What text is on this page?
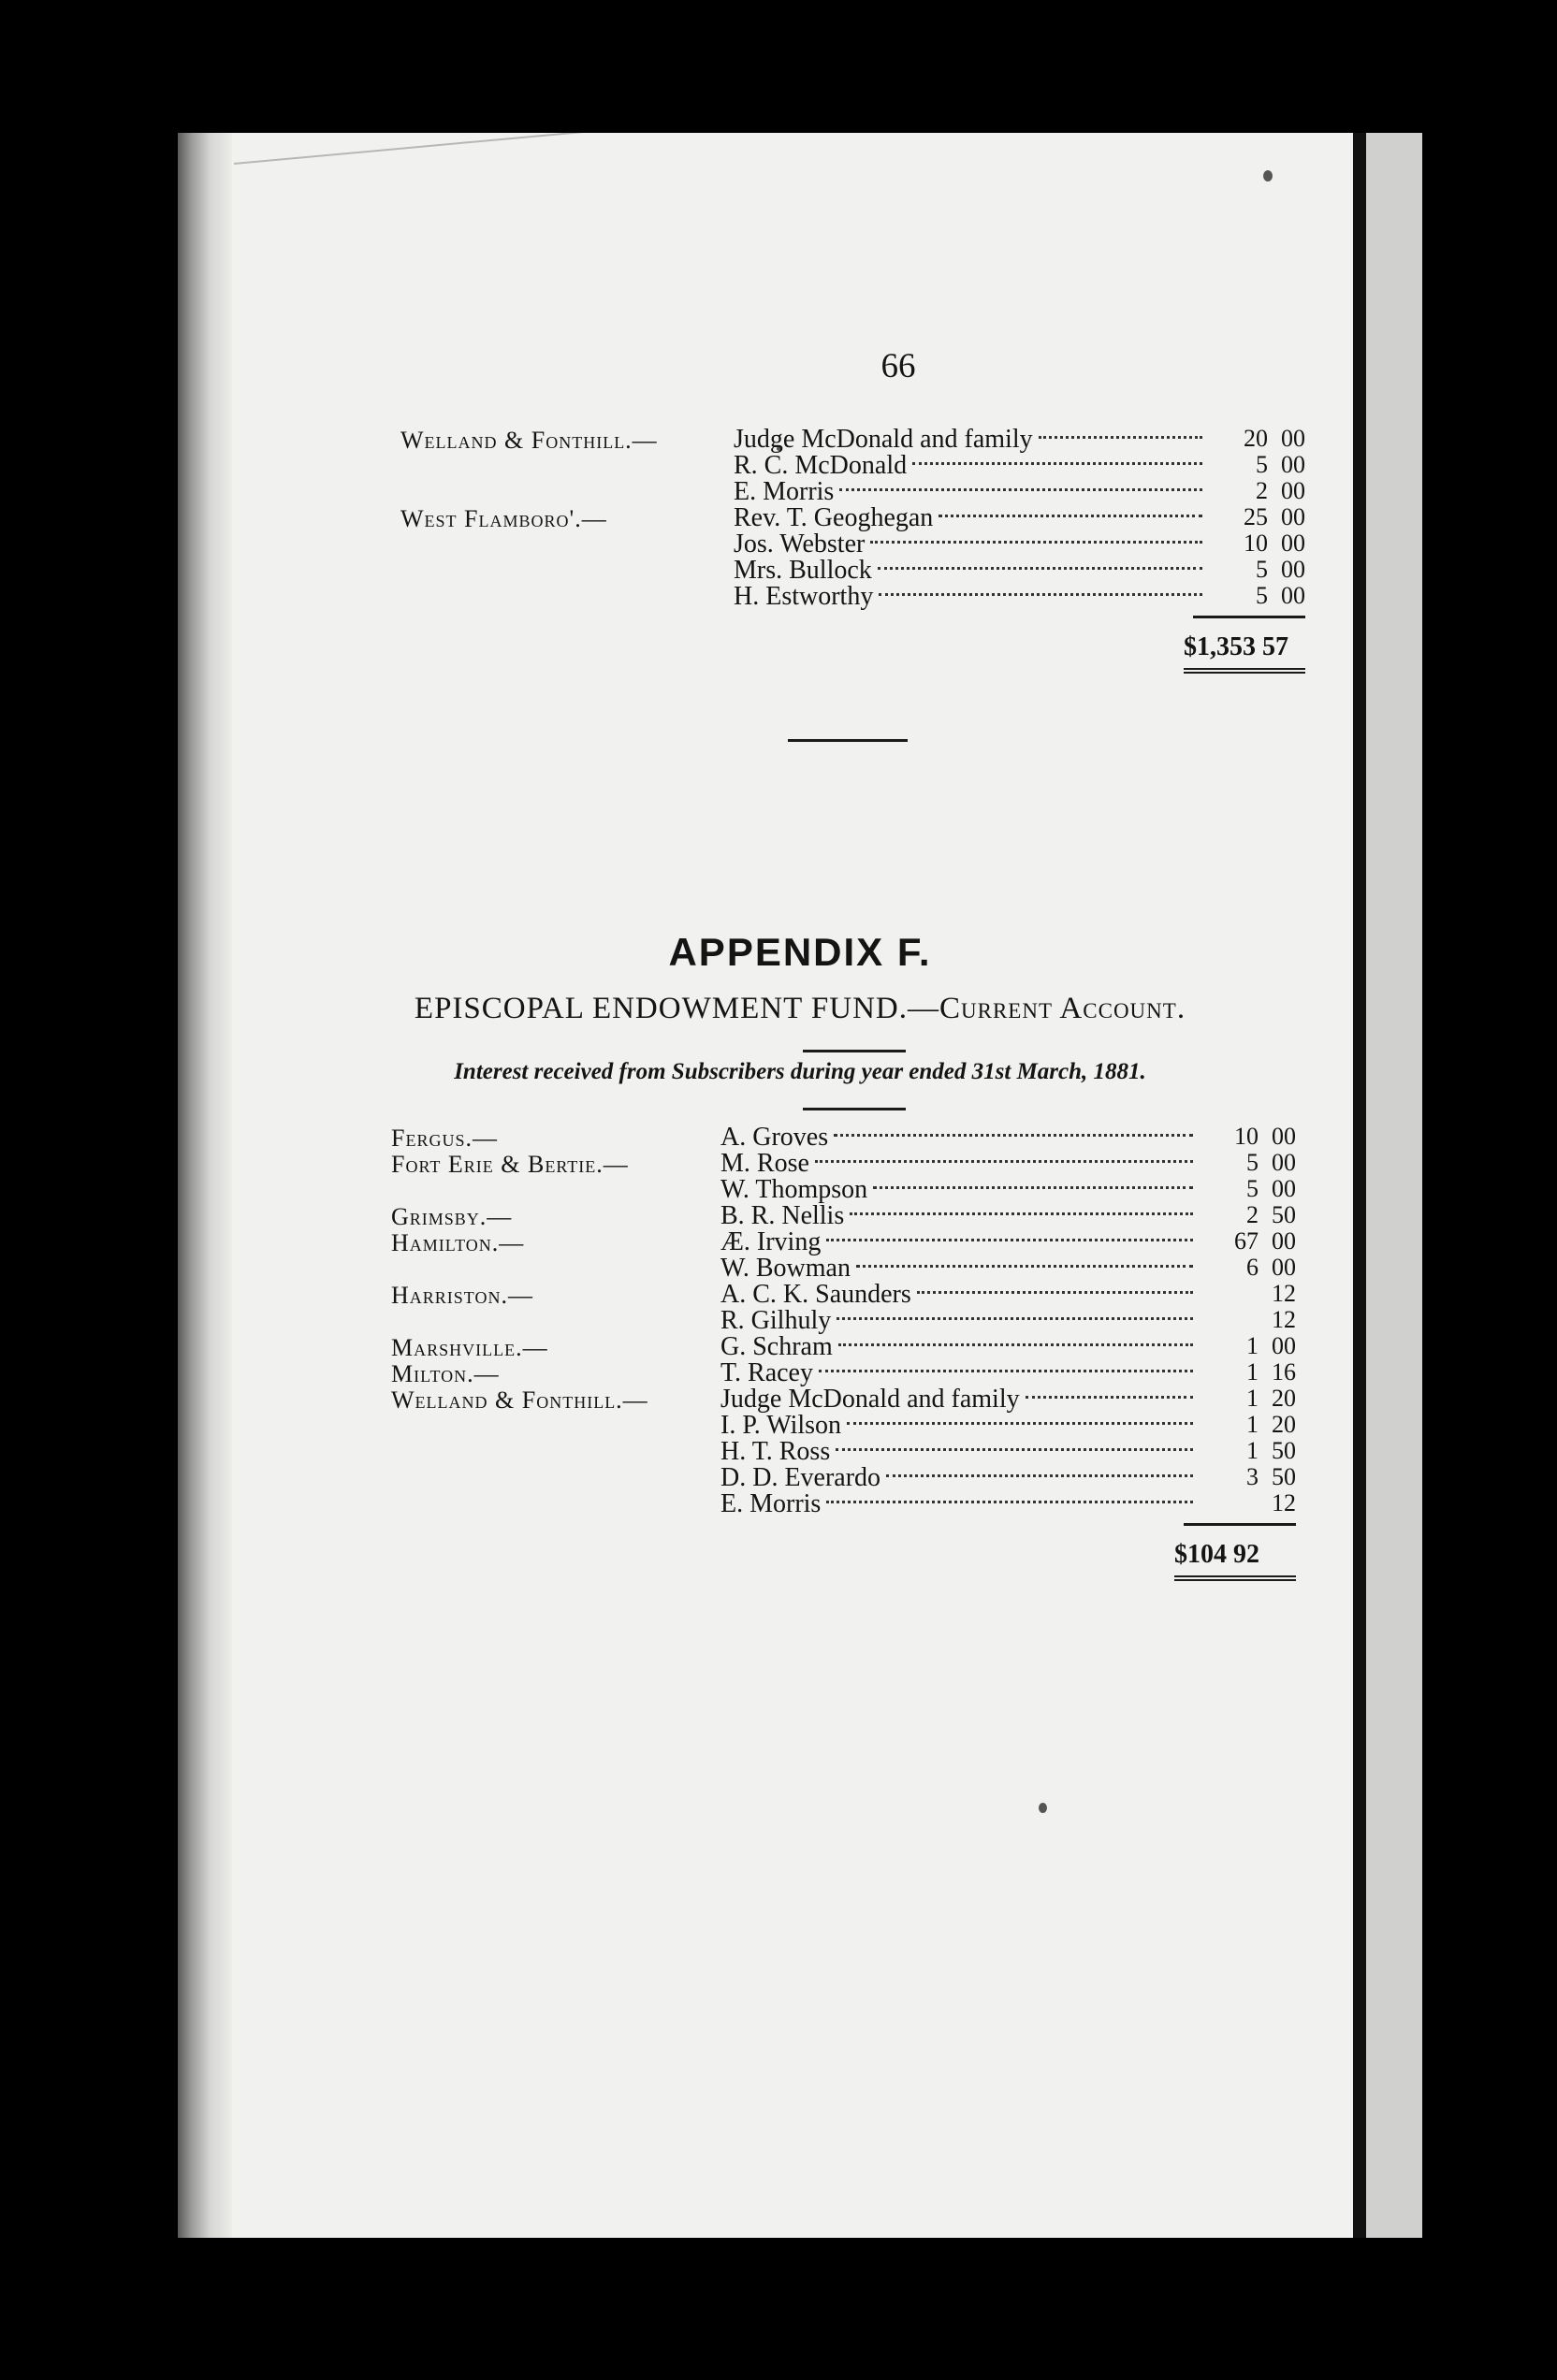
66
APPENDIX F.
EPISCOPAL ENDOWMENT FUND.—Current Account.
Interest received from Subscribers during year ended 31st March, 1881.
Welland & Fonthill.—	Judge McDonald and family	20 00
R. C. McDonald	5 00
E. Morris	2 00
West Flamboro'.—	Rev. T. Geoghegan	25 00
Jos. Webster	10 00
Mrs. Bullock	5 00
H. Estworthy	5 00
$1,353 57
Fergus.—	A. Groves	10 00
Fort Erie & Bertie.—	M. Rose	5 00
W. Thompson	5 00
Grimsby.—	B. R. Nellis	2 50
Hamilton.—	Æ. Irving	67 00
W. Bowman	6 00
Harriston.—	A. C. K. Saunders	12
R. Gilhuly	12
Marshville.—	G. Schram	1 00
Milton.—	T. Racey	1 16
Welland & Fonthill.—	Judge McDonald and family	1 20
I. P. Wilson	1 20
H. T. Ross	1 50
D. D. Everardo	3 50
E. Morris	12
$104 92
